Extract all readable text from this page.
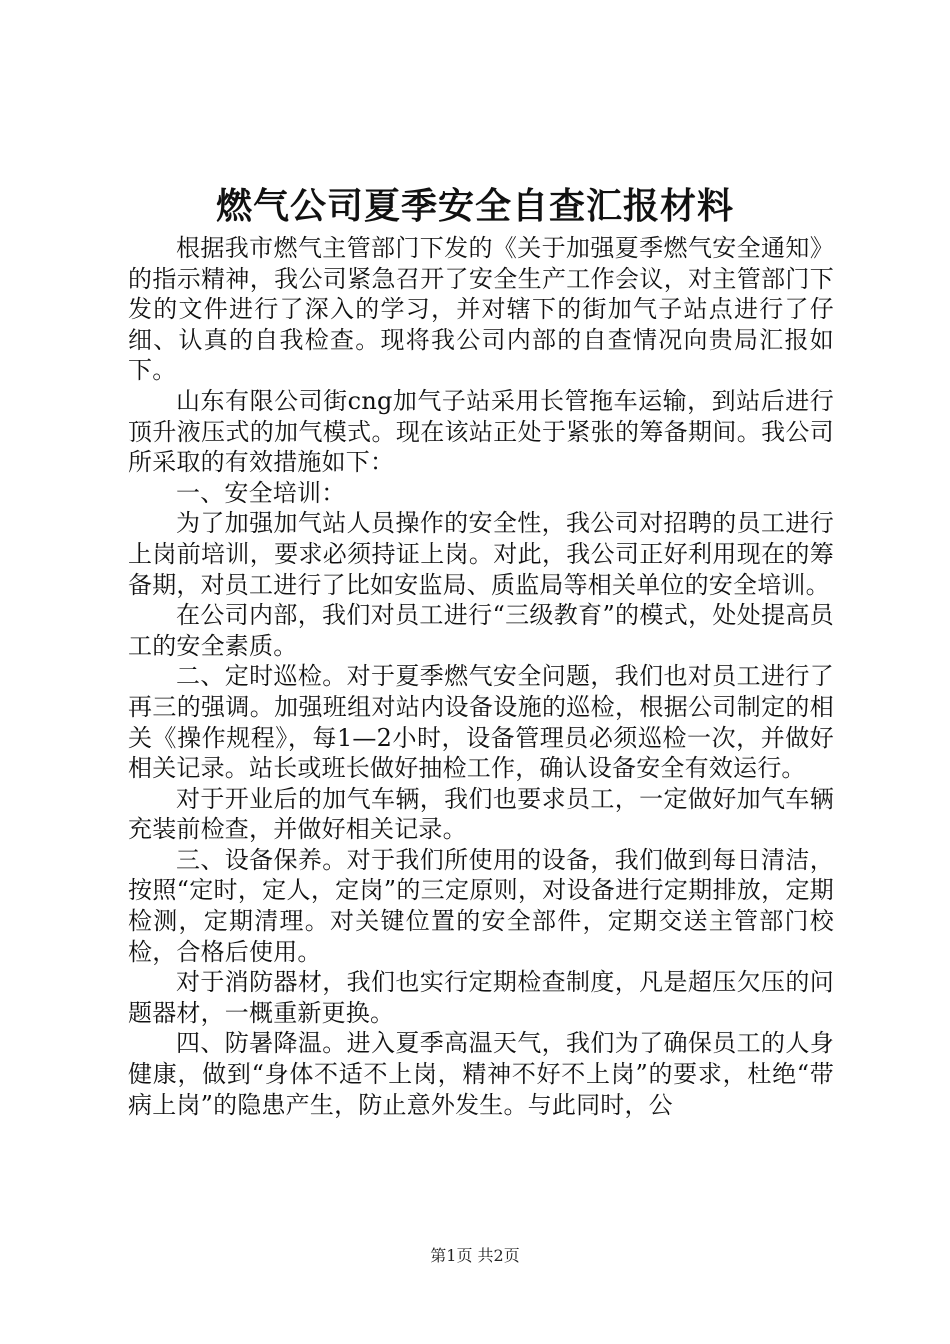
燃气公司夏季安全自查汇报材料

根据我市燃气主管部门下发的《关于加强夏季燃气安全通知》的指示精神，我公司紧急召开了安全生产工作会议，对主管部门下发的文件进行了深入的学习，并对辖下的街加气子站点进行了仔细、认真的自我检查。现将我公司内部的自查情况向贵局汇报如下。

山东有限公司街cng加气子站采用长管拖车运输，到站后进行顶升液压式的加气模式。现在该站正处于紧张的筹备期间。我公司所采取的有效措施如下：

一、安全培训：

为了加强加气站人员操作的安全性，我公司对招聘的员工进行上岗前培训，要求必须持证上岗。对此，我公司正好利用现在的筹备期，对员工进行了比如安监局、质监局等相关单位的安全培训。

在公司内部，我们对员工进行“三级教育”的模式，处处提高员工的安全素质。

二、定时巡检。对于夏季燃气安全问题，我们也对员工进行了再三的强调。加强班组对站内设备设施的巡检，根据公司制定的相关《操作规程》，每1—2小时，设备管理员必须巡检一次，并做好相关记录。站长或班长做好抽检工作，确认设备安全有效运行。

对于开业后的加气车辆，我们也要求员工，一定做好加气车辆充装前检查，并做好相关记录。

三、设备保养。对于我们所使用的设备，我们做到每日清洁，按照“定时，定人，定岗”的三定原则，对设备进行定期排放，定期检测，定期清理。对关键位置的安全部件，定期交送主管部门校检，合格后使用。

对于消防器材，我们也实行定期检查制度，凡是超压欠压的问题器材，一概重新更换。

四、防暑降温。进入夏季高温天气，我们为了确保员工的人身健康，做到“身体不适不上岗，精神不好不上岗”的要求，杜绝“带病上岗”的隐患产生，防止意外发生。与此同时，公

第1页 共2页
